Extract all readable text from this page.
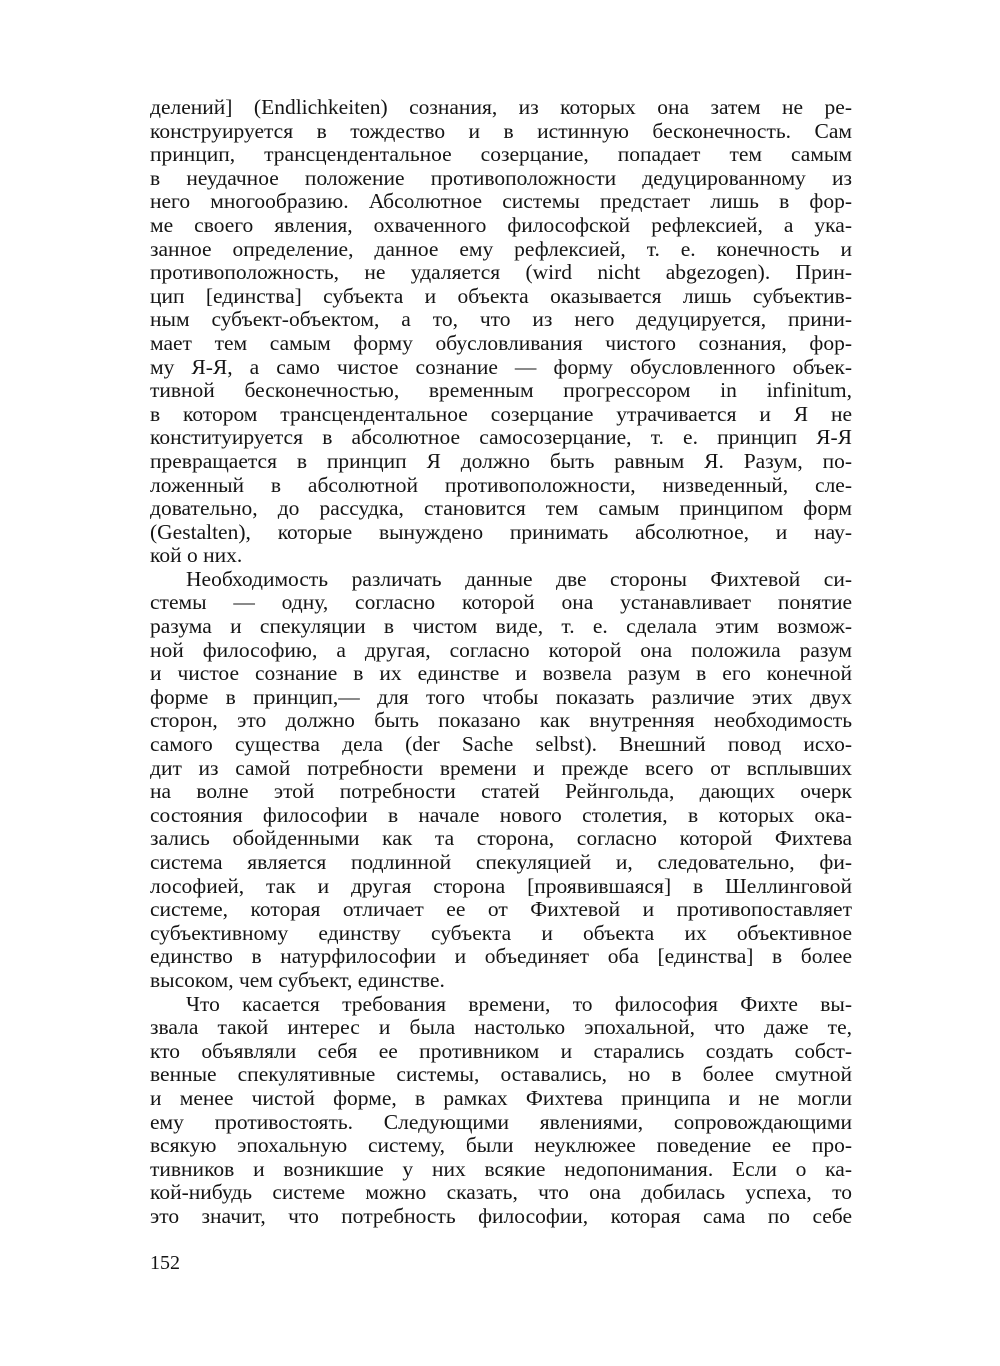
делений] (Endlichkeiten) сознания, из которых она затем не ре-
конструируется в тождество и в истинную бесконечность. Сам
принцип, трансцендентальное созерцание, попадает тем самым
в неудачное положение противоположности дедуцированному из
него многообразию. Абсолютное системы предстает лишь в фор-
ме своего явления, охваченного философской рефлексией, а ука-
занное определение, данное ему рефлексией, т. е. конечность и
противоположность, не удаляется (wird nicht abgezogen). Прин-
цип [единства] субъекта и объекта оказывается лишь субъектив-
ным субъект-объектом, а то, что из него дедуцируется, прини-
мает тем самым форму обусловливания чистого сознания, фор-
му Я-Я, а само чистое сознание — форму обусловленного объек-
тивной бесконечностью, временным прогрессором in infinitum,
в котором трансцендентальное созерцание утрачивается и Я не
конституируется в абсолютное самосозерцание, т. е. принцип Я-Я
превращается в принцип Я должно быть равным Я. Разум, по-
ложенный в абсолютной противоположности, низведенный, сле-
довательно, до рассудка, становится тем самым принципом форм
(Gestalten), которые вынуждено принимать абсолютное, и нау-
кой о них.
Необходимость различать данные две стороны Фихтевой си-
стемы — одну, согласно которой она устанавливает понятие
разума и спекуляции в чистом виде, т. е. сделала этим возмож-
ной философию, а другая, согласно которой она положила разум
и чистое сознание в их единстве и возвела разум в его конечной
форме в принцип,— для того чтобы показать различие этих двух
сторон, это должно быть показано как внутренняя необходимость
самого существа дела (der Sache selbst). Внешний повод исхо-
дит из самой потребности времени и прежде всего от всплывших
на волне этой потребности статей Рейнгольда, дающих очерк
состояния философии в начале нового столетия, в которых ока-
зались обойденными как та сторона, согласно которой Фихтева
система является подлинной спекуляцией и, следовательно, фи-
лософией, так и другая сторона [проявившаяся] в Шеллинговой
системе, которая отличает ее от Фихтевой и противопоставляет
субъективному единству субъекта и объекта их объективное
единство в натурфилософии и объединяет оба [единства] в более
высоком, чем субъект, единстве.
Что касается требования времени, то философия Фихте вы-
звала такой интерес и была настолько эпохальной, что даже те,
кто объявляли себя ее противником и старались создать собст-
венные спекулятивные системы, оставались, но в более смутной
и менее чистой форме, в рамках Фихтева принципа и не могли
ему противостоять. Следующими явлениями, сопровождающими
всякую эпохальную систему, были неуклюжее поведение ее про-
тивников и возникшие у них всякие недопонимания. Если о ка-
кой-нибудь системе можно сказать, что она добилась успеха, то
это значит, что потребность философии, которая сама по себе
152
